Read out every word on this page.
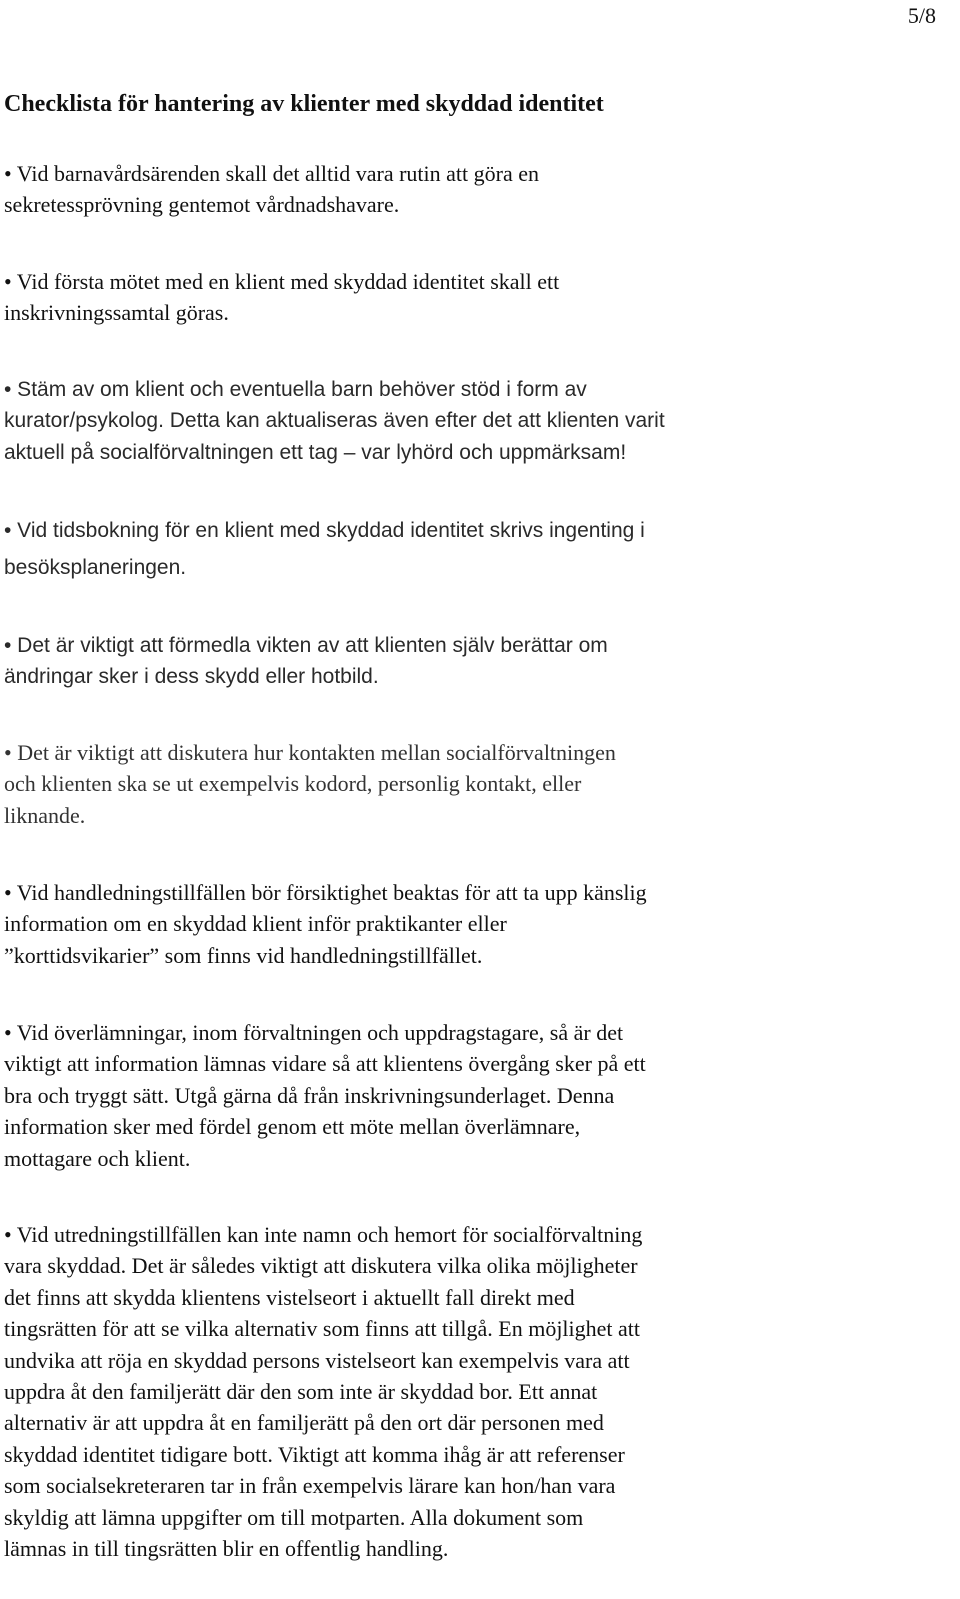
5/8
Checklista för hantering av klienter med skyddad identitet
• Vid barnavårdsärenden skall det alltid vara rutin att göra en
sekretessprövning gentemot vårdnadshavare.
• Vid första mötet med en klient med skyddad identitet skall ett
inskrivningssamtal göras.
• Stäm av om klient och eventuella barn behöver stöd i form av
kurator/psykolog. Detta kan aktualiseras även efter det att klienten varit
aktuell på socialförvaltningen ett tag – var lyhörd och uppmärksam!
• Vid tidsbokning för en klient med skyddad identitet skrivs ingenting i
besöksplaneringen.
• Det är viktigt att förmedla vikten av att klienten själv berättar om
ändringar sker i dess skydd eller hotbild.
• Det är viktigt att diskutera hur kontakten mellan socialförvaltningen
och klienten ska se ut exempelvis kodord, personlig kontakt, eller
liknande.
• Vid handledningstillfällen bör försiktighet beaktas för att ta upp känslig
information om en skyddad klient inför praktikanter eller
”korttidsvikarier” som finns vid handledningstillfället.
• Vid överlämningar, inom förvaltningen och uppdragstagare, så är det
viktigt att information lämnas vidare så att klientens övergång sker på ett
bra och tryggt sätt. Utgå gärna då från inskrivningsunderlaget. Denna
information sker med fördel genom ett möte mellan överlämnare,
mottagare och klient.
• Vid utredningstillfällen kan inte namn och hemort för socialförvaltning
vara skyddad. Det är således viktigt att diskutera vilka olika möjligheter
det finns att skydda klientens vistelseort i aktuellt fall direkt med
tingsrätten för att se vilka alternativ som finns att tillgå. En möjlighet att
undvika att röja en skyddad persons vistelseort kan exempelvis vara att
uppdra åt den familjerätt där den som inte är skyddad bor. Ett annat
alternativ är att uppdra åt en familjerätt på den ort där personen med
skyddad identitet tidigare bott. Viktigt att komma ihåg är att referenser
som socialsekreteraren tar in från exempelvis lärare kan hon/han vara
skyldig att lämna uppgifter om till motparten. Alla dokument som
lämnas in till tingsrätten blir en offentlig handling.
